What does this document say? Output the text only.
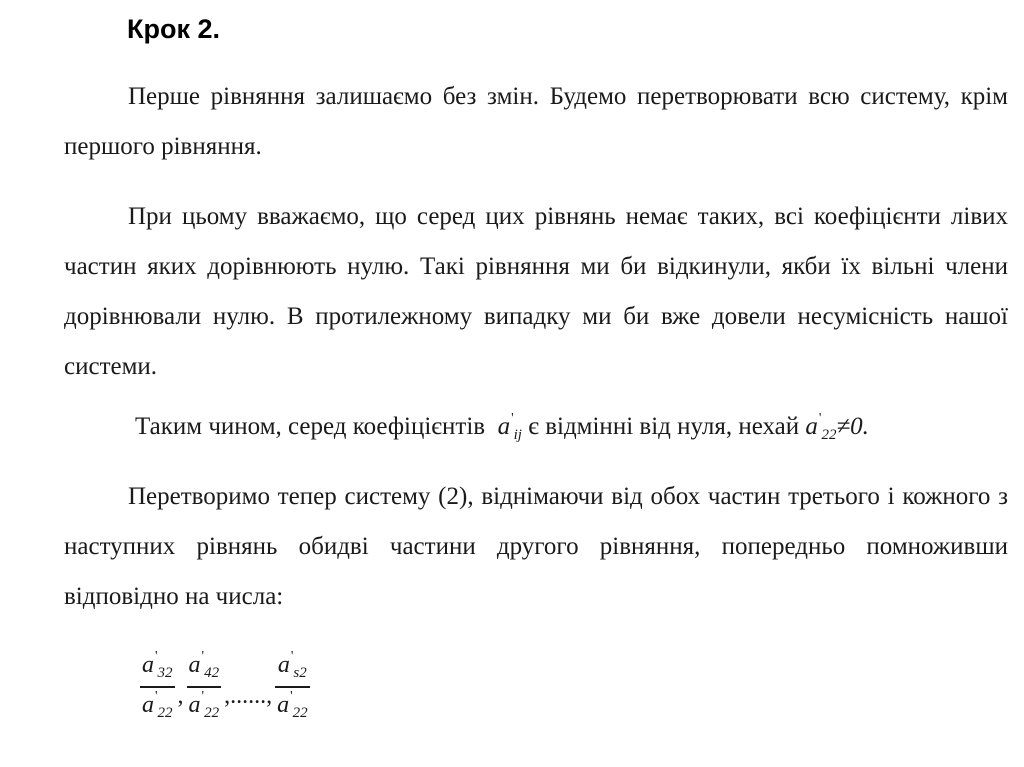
Крок 2.

Перше рівняння залишаємо без змін. Будемо перетворювати всю систему, крім першого рівняння.

При цьому вважаємо, що серед цих рівнянь немає таких, всі коефіцієнти лівих частин яких дорівнюють нулю. Такі рівняння ми би відкинули, якби їх вільні члени дорівнювали нулю. В протилежному випадку ми би вже довели несумісність нашої системи.

Таким чином, серед коефіцієнтів $a'_{ij}$ є відмінні від нуля, нехай $a'_{22}\ne 0$.

Перетворимо тепер систему (2), віднімаючи від обох частин третього і кожного з наступних рівнянь обидві частини другого рівняння, попередньо помноживши відповідно на числа:

$\frac{a'_{32}}{a'_{22}}$ , $\frac{a'_{42}}{a'_{22}}$ ,......, $\frac{a'_{s2}}{a'_{22}}$
